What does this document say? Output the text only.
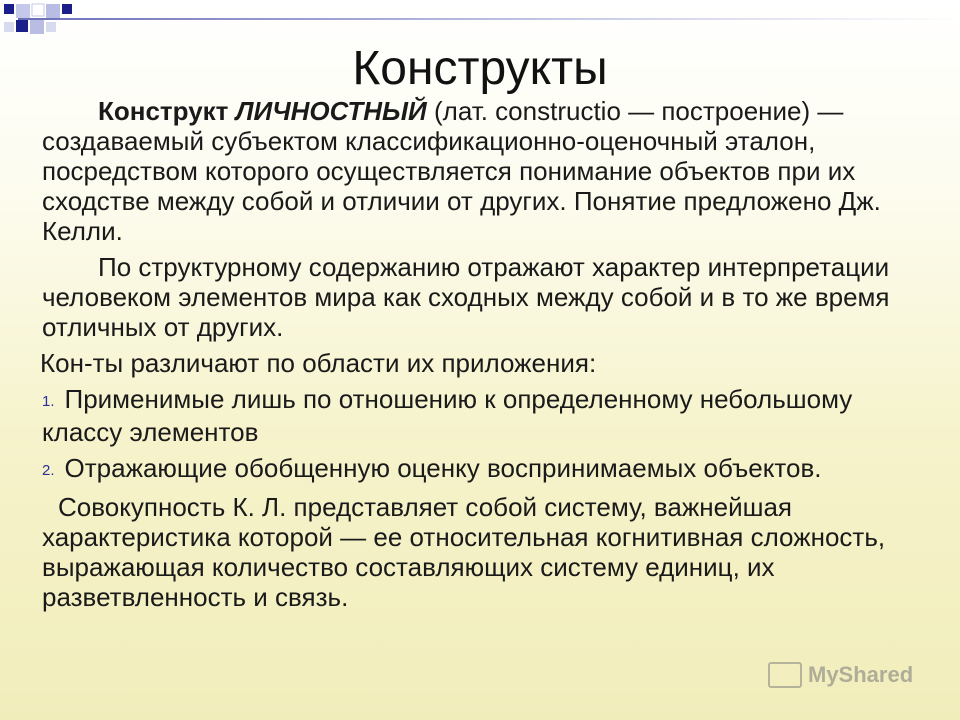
Конструкты

Конструкт ЛИЧНОСТНЫЙ (лат. constructio — построение) — создаваемый субъектом классификационно-оценочный эталон, посредством которого осуществляется понимание объектов при их сходстве между собой и отличии от других. Понятие предложено Дж. Келли.

По структурному содержанию отражают характер интерпретации человеком элементов мира как сходных между собой и в то же время отличных от других.

Кон-ты различают по области их приложения:

1. Применимые лишь по отношению к определенному небольшому классу элементов
2. Отражающие обобщенную оценку воспринимаемых объектов.

Совокупность К. Л. представляет собой систему, важнейшая характеристика которой — ее относительная когнитивная сложность, выражающая количество составляющих систему единиц, их разветвленность и связь.

MyShared
